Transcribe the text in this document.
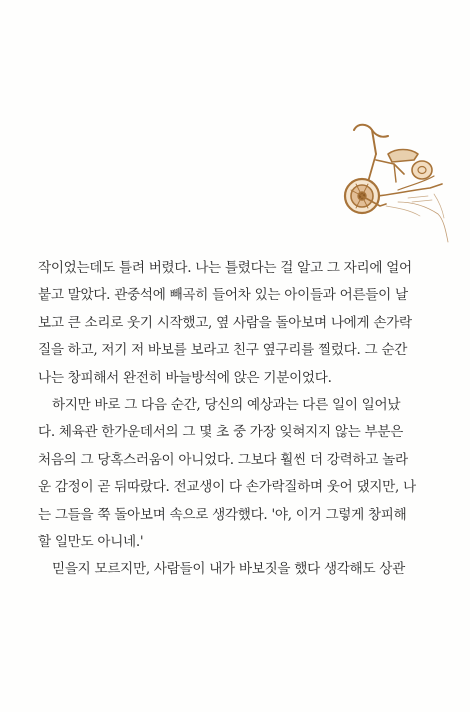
작이었는데도 틀려 버렸다. 나는 틀렸다는 걸 알고 그 자리에 얼어
붙고 말았다. 관중석에 빼곡히 들어차 있는 아이들과 어른들이 날
보고 큰 소리로 웃기 시작했고, 옆 사람을 돌아보며 나에게 손가락
질을 하고, 저기 저 바보를 보라고 친구 옆구리를 찔렀다. 그 순간
나는 창피해서 완전히 바늘방석에 앉은 기분이었다.
하지만 바로 그 다음 순간, 당신의 예상과는 다른 일이 일어났
다. 체육관 한가운데서의 그 몇 초 중 가장 잊혀지지 않는 부분은
처음의 그 당혹스러움이 아니었다. 그보다 훨씬 더 강력하고 놀라
운 감정이 곧 뒤따랐다. 전교생이 다 손가락질하며 웃어 댔지만, 나
는 그들을 쭉 돌아보며 속으로 생각했다. '야, 이거 그렇게 창피해
할 일만도 아니네.'
믿을지 모르지만, 사람들이 내가 바보짓을 했다 생각해도 상관
